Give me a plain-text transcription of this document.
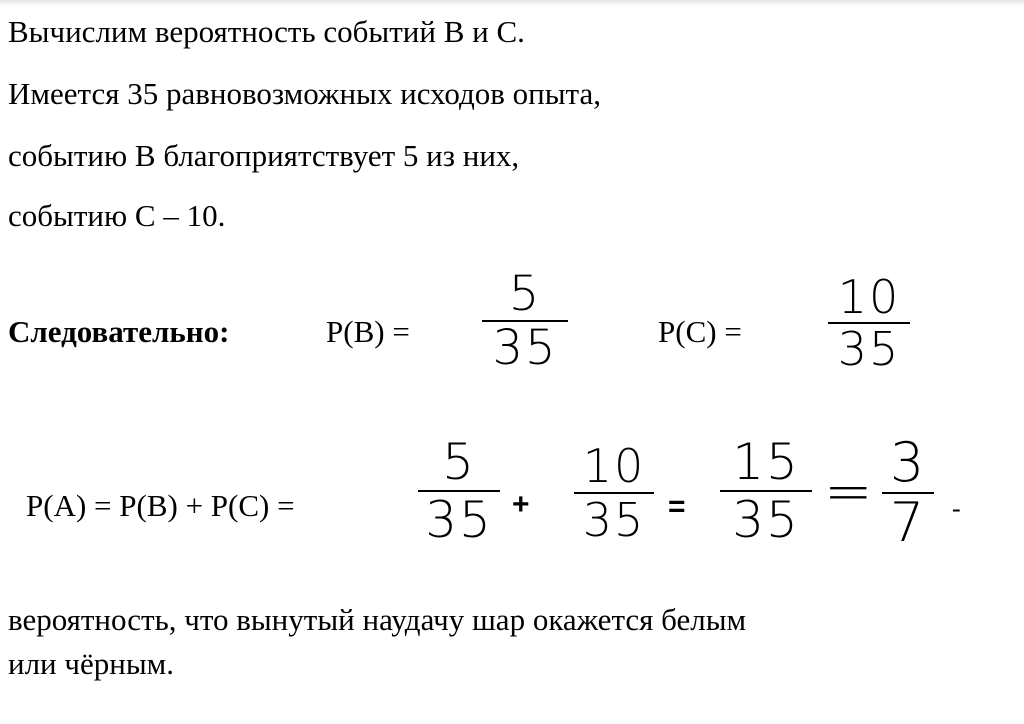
Вычислим вероятность событий В и С.
Имеется 35 равновозможных исходов опыта,
событию В благоприятствует 5 из них,
событию С – 10.
Следовательно:	Р(В) =
5
35	Р(С) =
10
35
Р(А) = Р(В) + Р(С) =
5
35 +
10
35 =
15
35 = 3
7 -
вероятность, что вынутый наудачу шар окажется белым
или чёрным.
